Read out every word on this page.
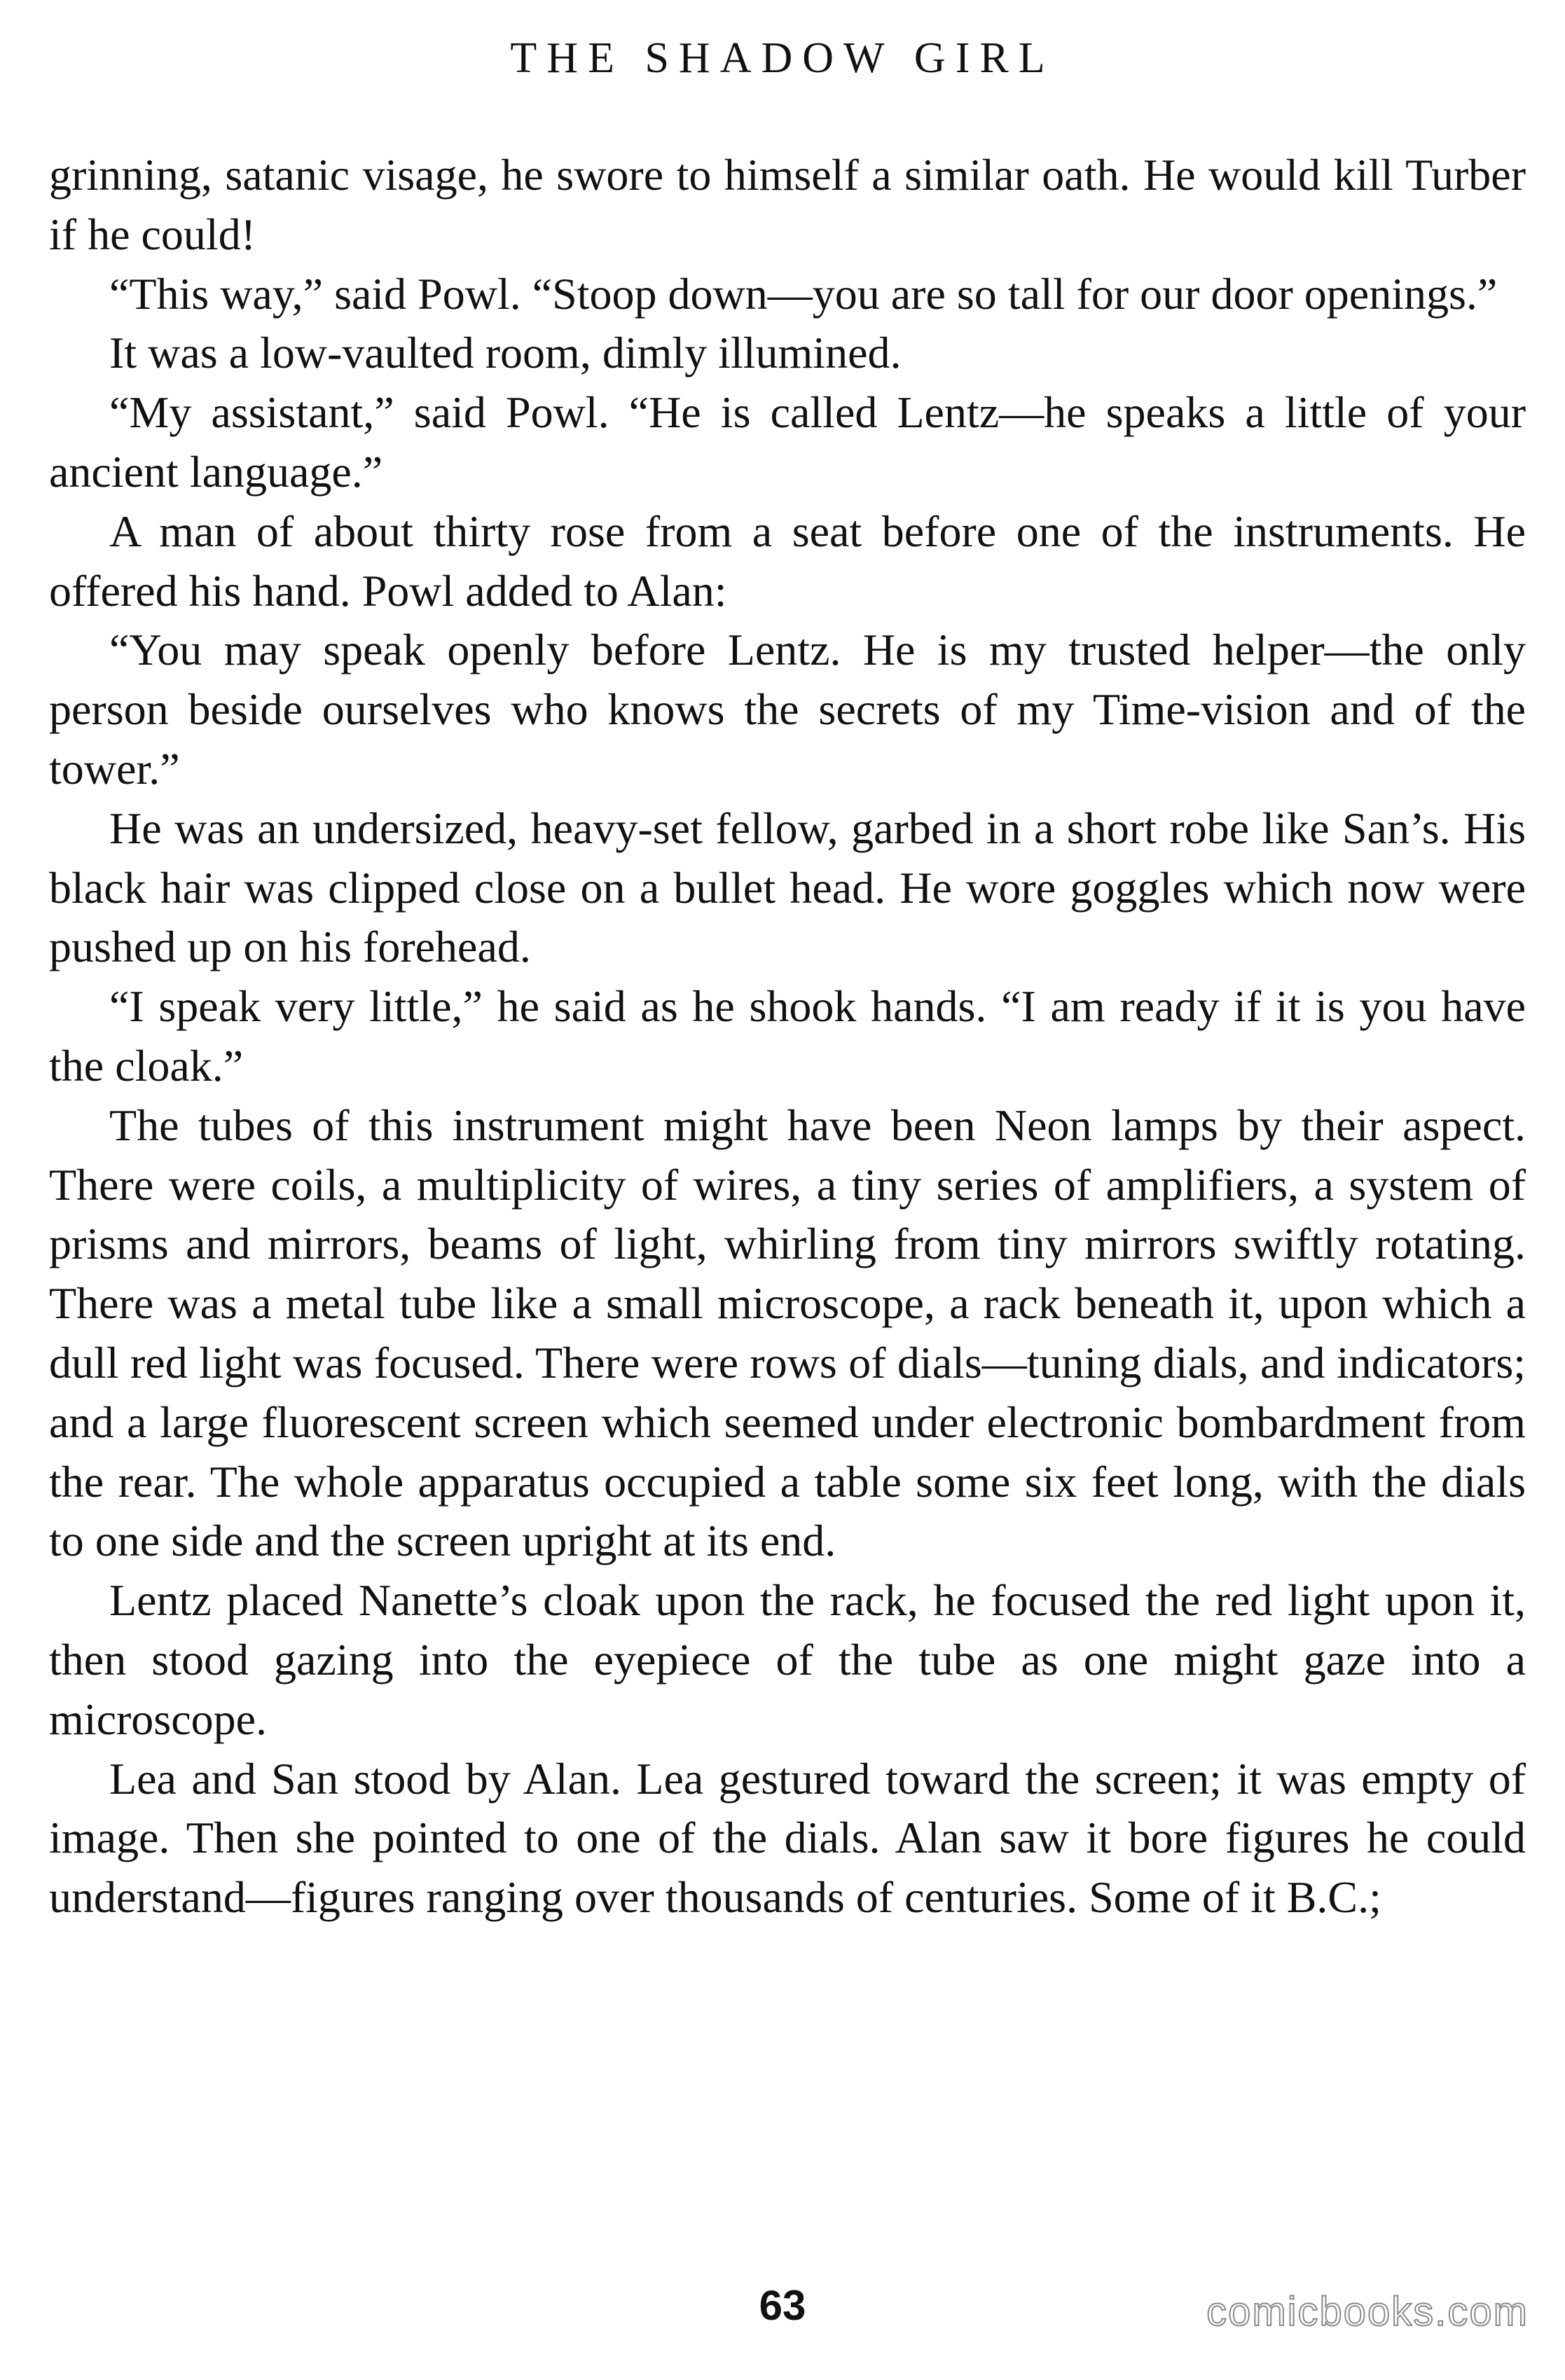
THE SHADOW GIRL

grinning, satanic visage, he swore to himself a similar oath. He would kill Turber if he could!

“This way,” said Powl. “Stoop down—you are so tall for our door openings.”

It was a low-vaulted room, dimly illumined.

“My assistant,” said Powl. “He is called Lentz—he speaks a little of your ancient language.”

A man of about thirty rose from a seat before one of the instruments. He offered his hand. Powl added to Alan:

“You may speak openly before Lentz. He is my trusted helper—the only person beside ourselves who knows the secrets of my Time-vision and of the tower.”

He was an undersized, heavy-set fellow, garbed in a short robe like San’s. His black hair was clipped close on a bullet head. He wore goggles which now were pushed up on his forehead.

“I speak very little,” he said as he shook hands. “I am ready if it is you have the cloak.”

The tubes of this instrument might have been Neon lamps by their aspect. There were coils, a multiplicity of wires, a tiny series of amplifiers, a system of prisms and mirrors, beams of light, whirling from tiny mirrors swiftly rotating. There was a metal tube like a small microscope, a rack beneath it, upon which a dull red light was focused. There were rows of dials—tuning dials, and indicators; and a large fluorescent screen which seemed under electronic bombardment from the rear. The whole apparatus occupied a table some six feet long, with the dials to one side and the screen upright at its end.

Lentz placed Nanette’s cloak upon the rack, he focused the red light upon it, then stood gazing into the eyepiece of the tube as one might gaze into a microscope.

Lea and San stood by Alan. Lea gestured toward the screen; it was empty of image. Then she pointed to one of the dials. Alan saw it bore figures he could understand—figures ranging over thousands of centuries. Some of it B.C.;

63	comicbooks.com
